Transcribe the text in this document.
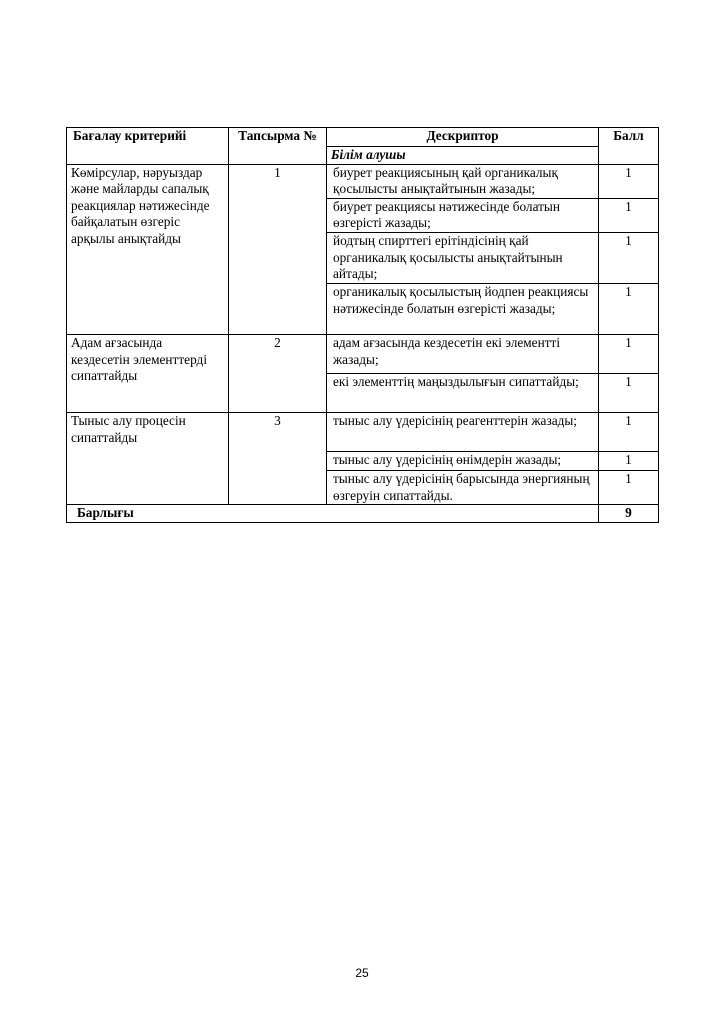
Бағалау критерийі	Тапсырма №	Дескриптор	Балл
		Білім алушы	
Көмірсулар, нәруыздар және майларды сапалық реакциялар нәтижесінде байқалатын өзгеріс арқылы анықтайды	1	биурет реакциясының қай органикалық қосылысты анықтайтынын жазады;	1
		биурет реакциясы нәтижесінде болатын өзгерісті жазады;	1
		йодтың спирттегі ерітіндісінің қай органикалық қосылысты анықтайтынын айтады;	1
		органикалық қосылыстың йодпен реакциясы нәтижесінде болатын өзгерісті жазады;	1
Адам ағзасында кездесетін элементтерді сипаттайды	2	адам ағзасында кездесетін екі элементті жазады;	1
		екі элементтің маңыздылығын сипаттайды;	1
Тыныс алу процесін сипаттайды	3	тыныс алу үдерісінің реагенттерін жазады;	1
		тыныс алу үдерісінің өнімдерін жазады;	1
		тыныс алу үдерісінің барысында энергияның өзгеруін сипаттайды.	1
Барлығы			9
25
